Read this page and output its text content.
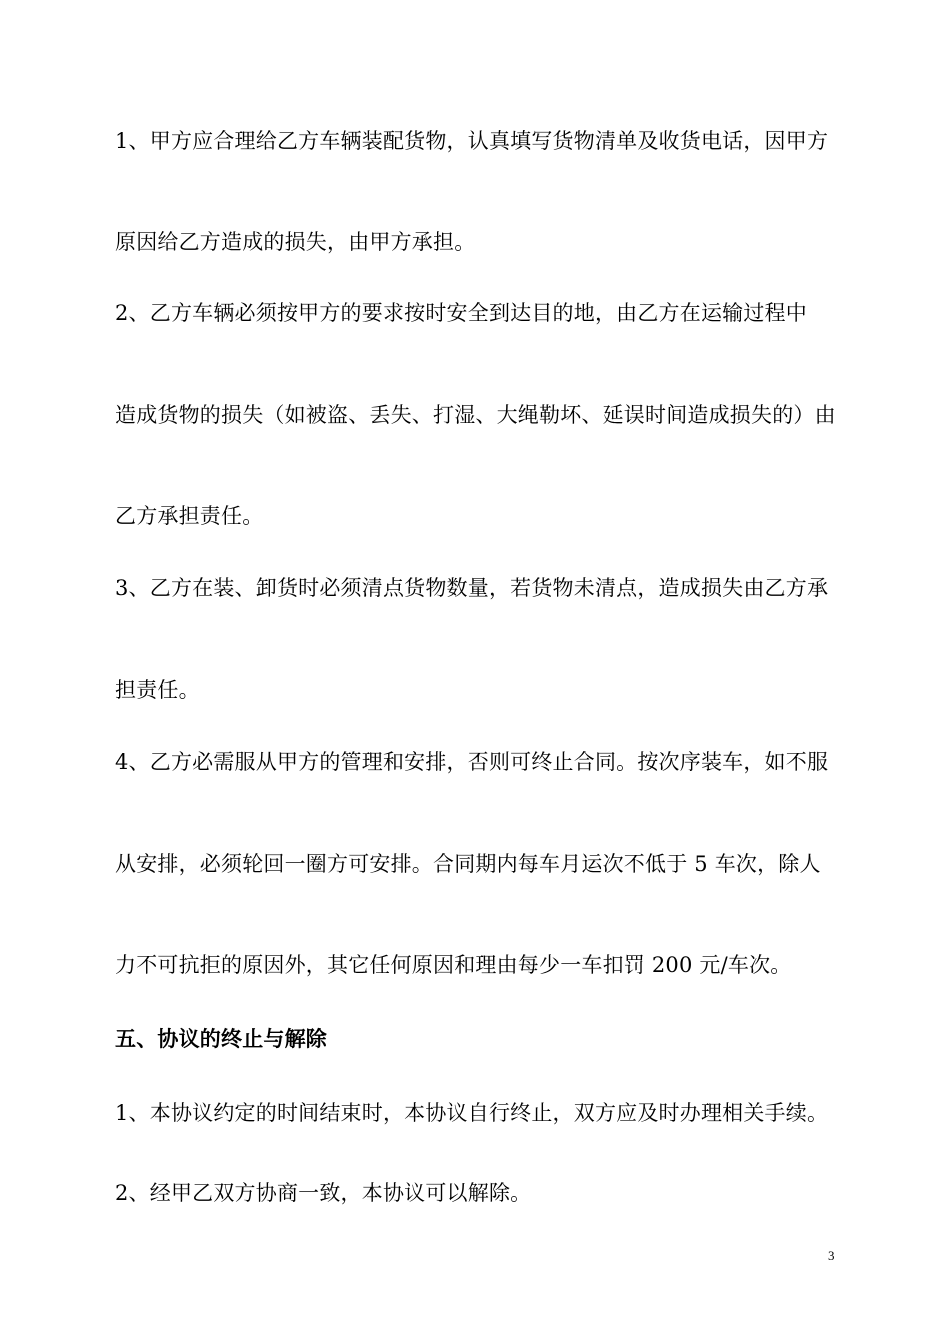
1、甲方应合理给乙方车辆装配货物，认真填写货物清单及收货电话，因甲方
原因给乙方造成的损失，由甲方承担。
2、乙方车辆必须按甲方的要求按时安全到达目的地，由乙方在运输过程中
造成货物的损失（如被盗、丢失、打湿、大绳勒坏、延误时间造成损失的）由
乙方承担责任。
3、乙方在装、卸货时必须清点货物数量，若货物未清点，造成损失由乙方承
担责任。
4、乙方必需服从甲方的管理和安排，否则可终止合同。按次序装车，如不服
从安排，必须轮回一圈方可安排。合同期内每车月运次不低于 5 车次，除人
力不可抗拒的原因外，其它任何原因和理由每少一车扣罚 200 元/车次。
五、协议的终止与解除
1、本协议约定的时间结束时，本协议自行终止，双方应及时办理相关手续。
2、经甲乙双方协商一致，本协议可以解除。
3
